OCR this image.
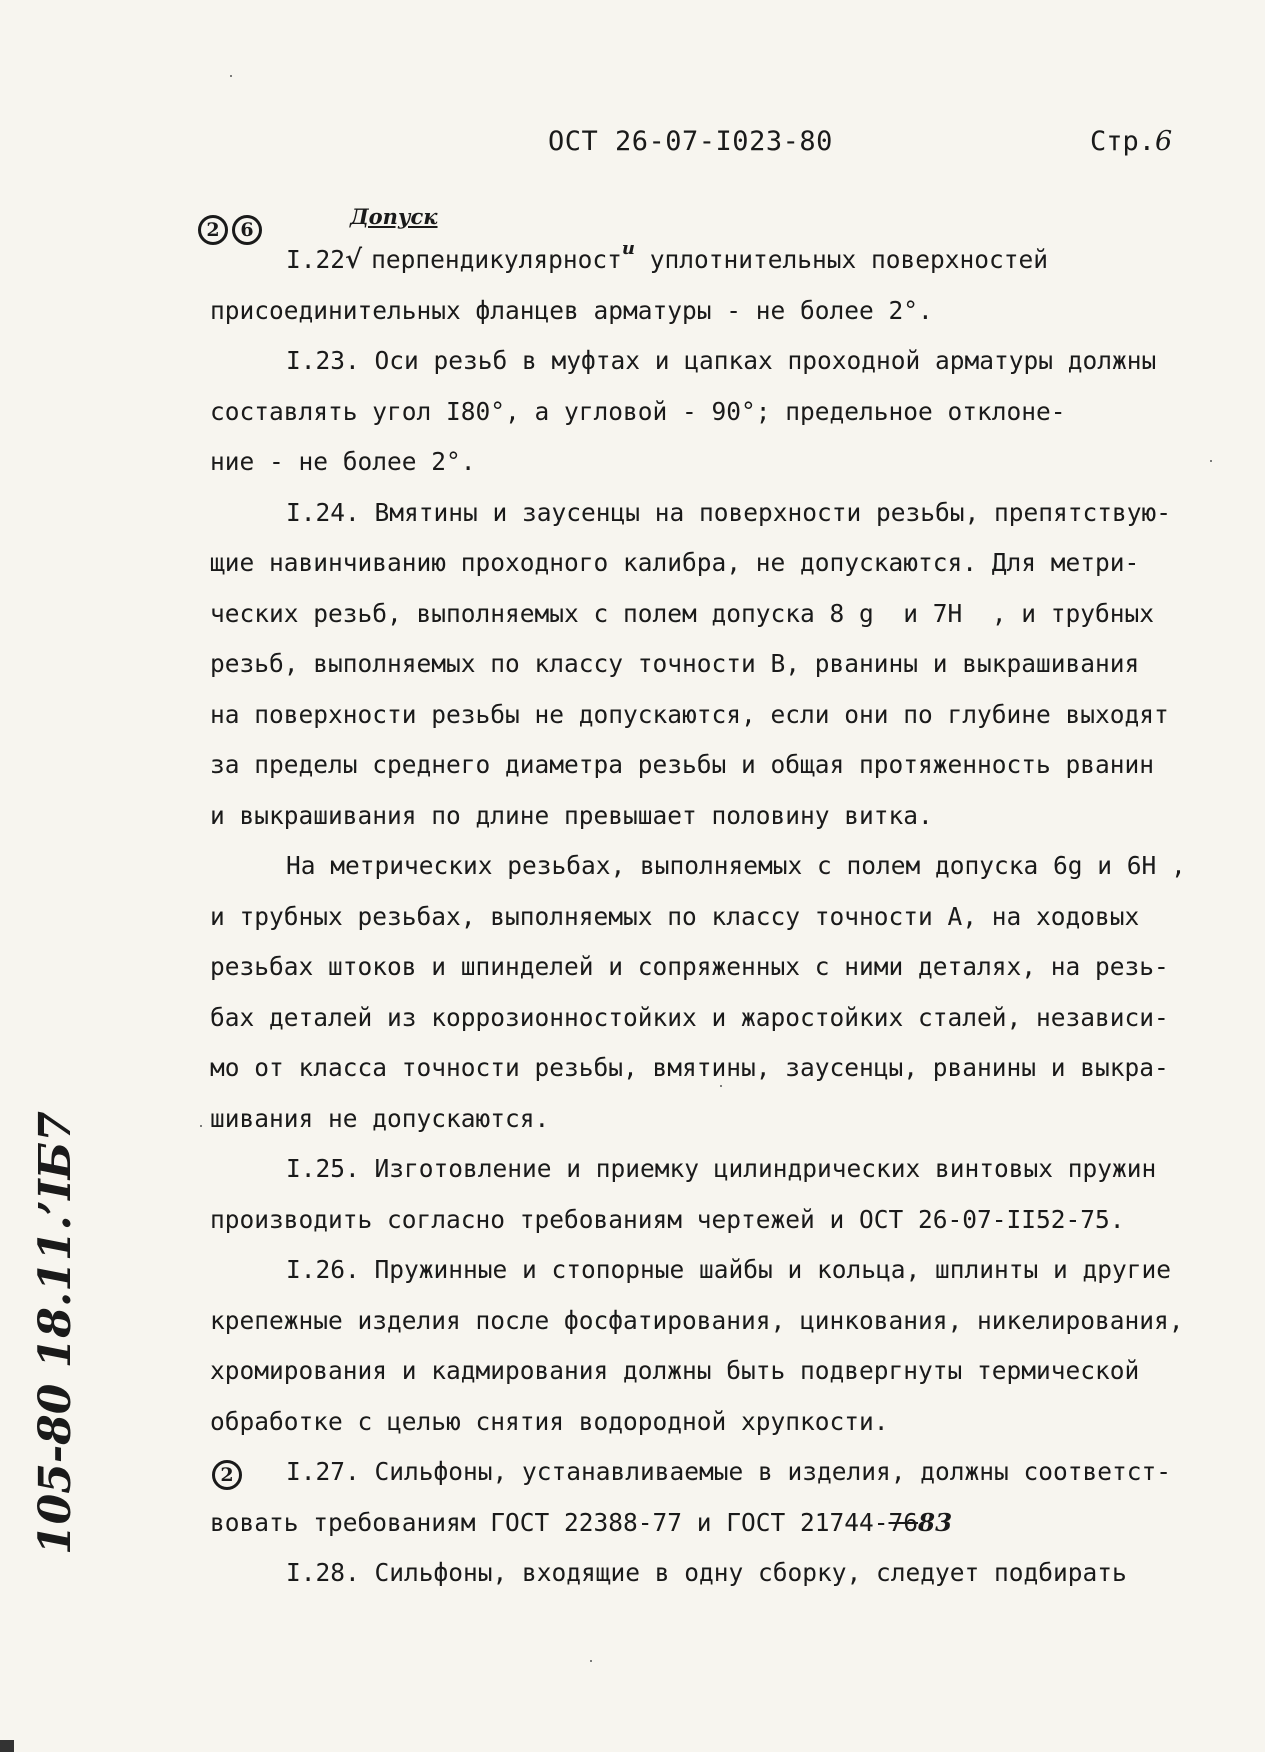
ОСТ 26-07-I023-80	Стр.6
Допуск
2	6
2
I.22√ перпендикулярност$^и$ уплотнительных поверхностей
присоединительных фланцев арматуры - не более 2°.
I.23. Оси резьб в муфтах и цапках проходной арматуры должны
составлять угол I80°, а угловой - 90°; предельное отклоне-
ние - не более 2°.
I.24. Вмятины и заусенцы на поверхности резьбы, препятствую-
щие навинчиванию проходного калибра, не допускаются. Для метри-
ческих резьб, выполняемых с полем допуска 8 g  и 7H  , и трубных
резьб, выполняемых по классу точности В, рванины и выкрашивания
на поверхности резьбы не допускаются, если они по глубине выходят
зa пределы среднего диаметра резьбы и общая протяженность рванин
и выкрашивания по длине превышает половину витка.
На метрических резьбах, выполняемых с полем допуска 6g и 6H ,
и трубных резьбах, выполняемых по классу точности А, на ходовых
резьбах штоков и шпинделей и сопряженных с ними деталях, на резь-
бах деталей из коррозионностойких и жаростойких сталей, независи-
мо от класса точности резьбы, вмятины, заусенцы, рванины и выкра-
шивания не допускаются.
I.25. Изготовление и приемку цилиндрических винтовых пружин
производить согласно требованиям чертежей и ОСТ 26-07-II52-75.
I.26. Пружинные и стопорные шайбы и кольца, шплинты и другие
крепежные изделия после фосфатирования, цинкования, никелирования,
хромирования и кадмирования должны быть подвергнуты термической
обработке с целью снятия водородной хрупкости.
I.27. Сильфоны, устанавливаемые в изделия, должны соответст-
вовать требованиям ГОСТ 22388-77 и ГОСТ 21744-7683
I.28. Сильфоны, входящие в одну сборку, следует подбирать
105-80 18.11.’ІБ7
